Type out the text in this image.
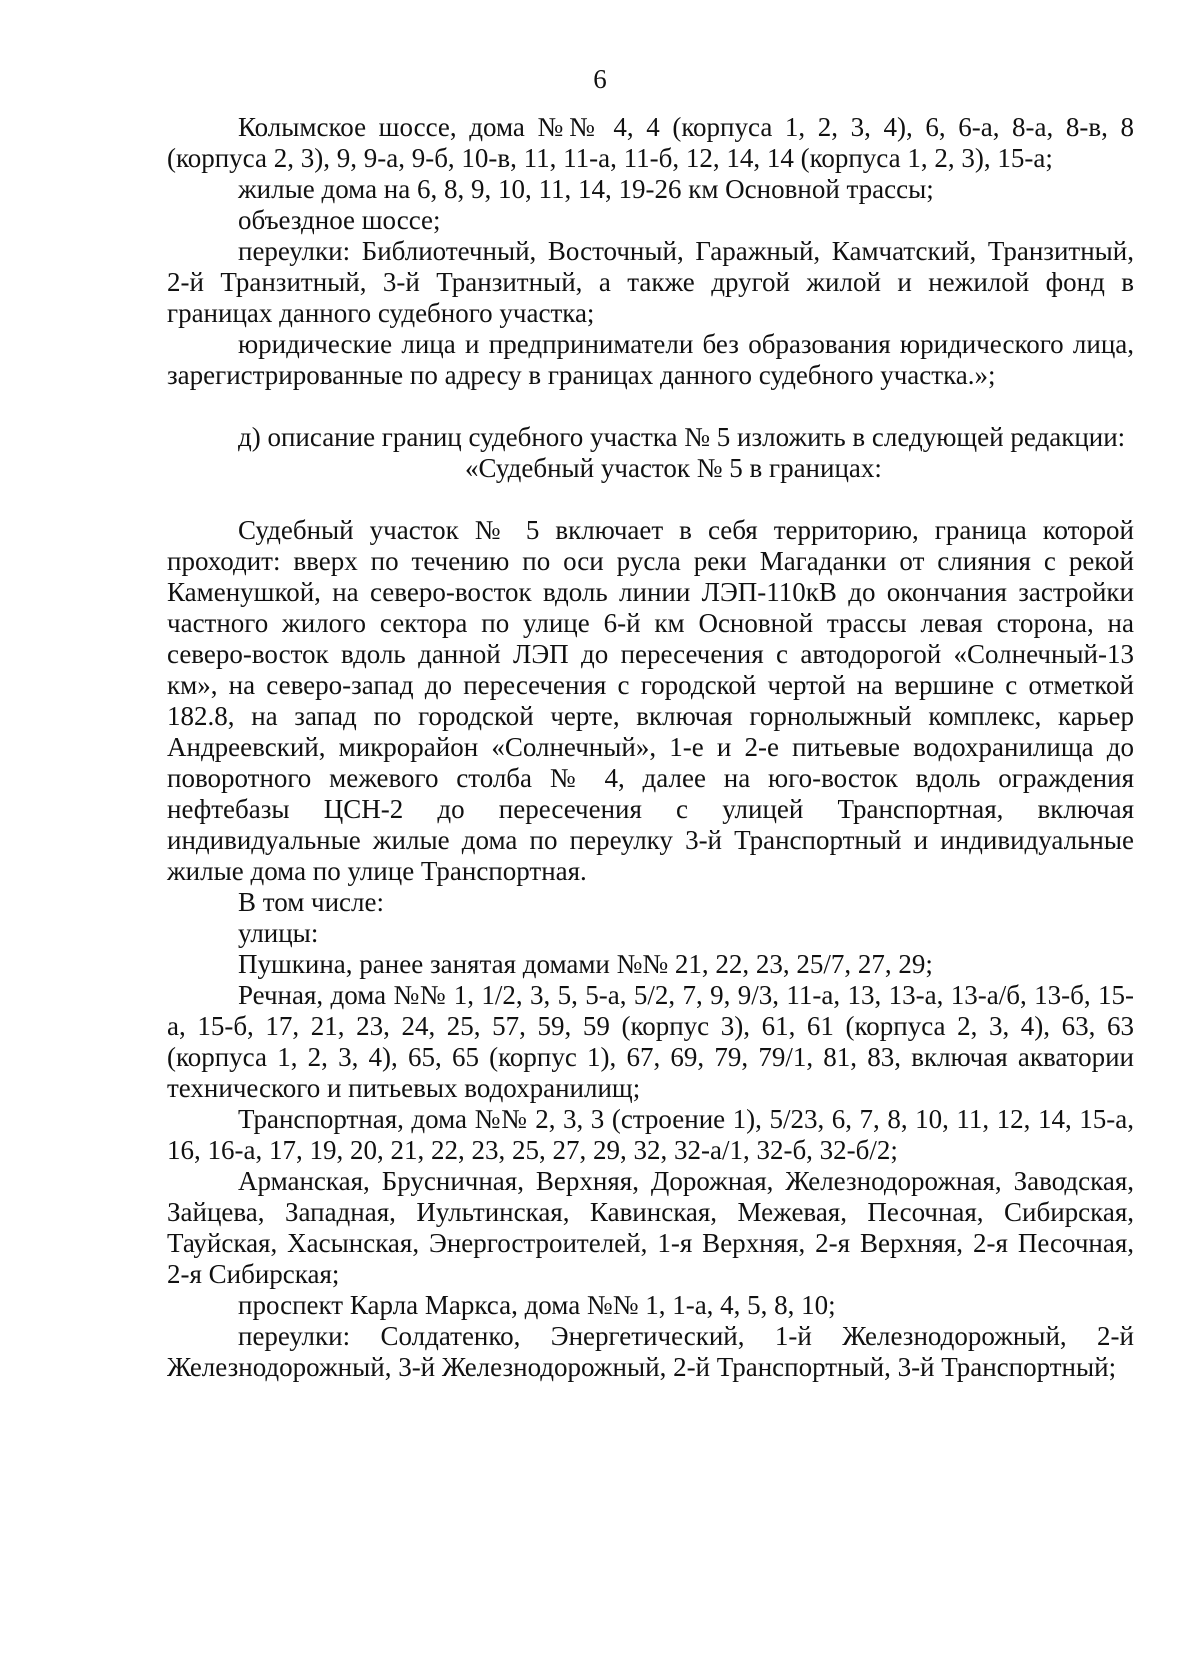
6

Колымское шоссе, дома №№ 4, 4 (корпуса 1, 2, 3, 4), 6, 6-а, 8-а, 8-в, 8 (корпуса 2, 3), 9, 9-а, 9-б, 10-в, 11, 11-а, 11-б, 12, 14, 14 (корпуса 1, 2, 3), 15-а;

жилые дома на 6, 8, 9, 10, 11, 14, 19-26 км Основной трассы;

объездное шоссе;

переулки: Библиотечный, Восточный, Гаражный, Камчатский, Транзитный, 2-й Транзитный, 3-й Транзитный, а также другой жилой и нежилой фонд в границах данного судебного участка;

юридические лица и предприниматели без образования юридического лица, зарегистрированные по адресу в границах данного судебного участка.»;

д) описание границ судебного участка № 5 изложить в следующей редакции:

«Судебный участок № 5 в границах:

Судебный участок № 5 включает в себя территорию, граница которой проходит: вверх по течению по оси русла реки Магаданки от слияния с рекой Каменушкой, на северо-восток вдоль линии ЛЭП-110кВ до окончания застройки частного жилого сектора по улице 6-й км Основной трассы левая сторона, на северо-восток вдоль данной ЛЭП до пересечения с автодорогой «Солнечный-13 км», на северо-запад до пересечения с городской чертой на вершине с отметкой 182.8, на запад по городской черте, включая горнолыжный комплекс, карьер Андреевский, микрорайон «Солнечный», 1-е и 2-е питьевые водохранилища до поворотного межевого столба № 4, далее на юго-восток вдоль ограждения нефтебазы ЦСН-2 до пересечения с улицей Транспортная, включая индивидуальные жилые дома по переулку 3-й Транспортный и индивидуальные жилые дома по улице Транспортная.

В том числе:

улицы:

Пушкина, ранее занятая домами №№ 21, 22, 23, 25/7, 27, 29;

Речная, дома №№ 1, 1/2, 3, 5, 5-а, 5/2, 7, 9, 9/3, 11-а, 13, 13-а, 13-а/б, 13-б, 15-а, 15-б, 17, 21, 23, 24, 25, 57, 59, 59 (корпус 3), 61, 61 (корпуса 2, 3, 4), 63, 63 (корпуса 1, 2, 3, 4), 65, 65 (корпус 1), 67, 69, 79, 79/1, 81, 83, включая акватории технического и питьевых водохранилищ;

Транспортная, дома №№ 2, 3, 3 (строение 1), 5/23, 6, 7, 8, 10, 11, 12, 14, 15-а, 16, 16-а, 17, 19, 20, 21, 22, 23, 25, 27, 29, 32, 32-а/1, 32-б, 32-б/2;

Арманская, Брусничная, Верхняя, Дорожная, Железнодорожная, Заводская, Зайцева, Западная, Иультинская, Кавинская, Межевая, Песочная, Сибирская, Тауйская, Хасынская, Энергостроителей, 1-я Верхняя, 2-я Верхняя, 2-я Песочная, 2-я Сибирская;

проспект Карла Маркса, дома №№ 1, 1-а, 4, 5, 8, 10;

переулки: Солдатенко, Энергетический, 1-й Железнодорожный, 2-й Железнодорожный, 3-й Железнодорожный, 2-й Транспортный, 3-й Транспортный;
